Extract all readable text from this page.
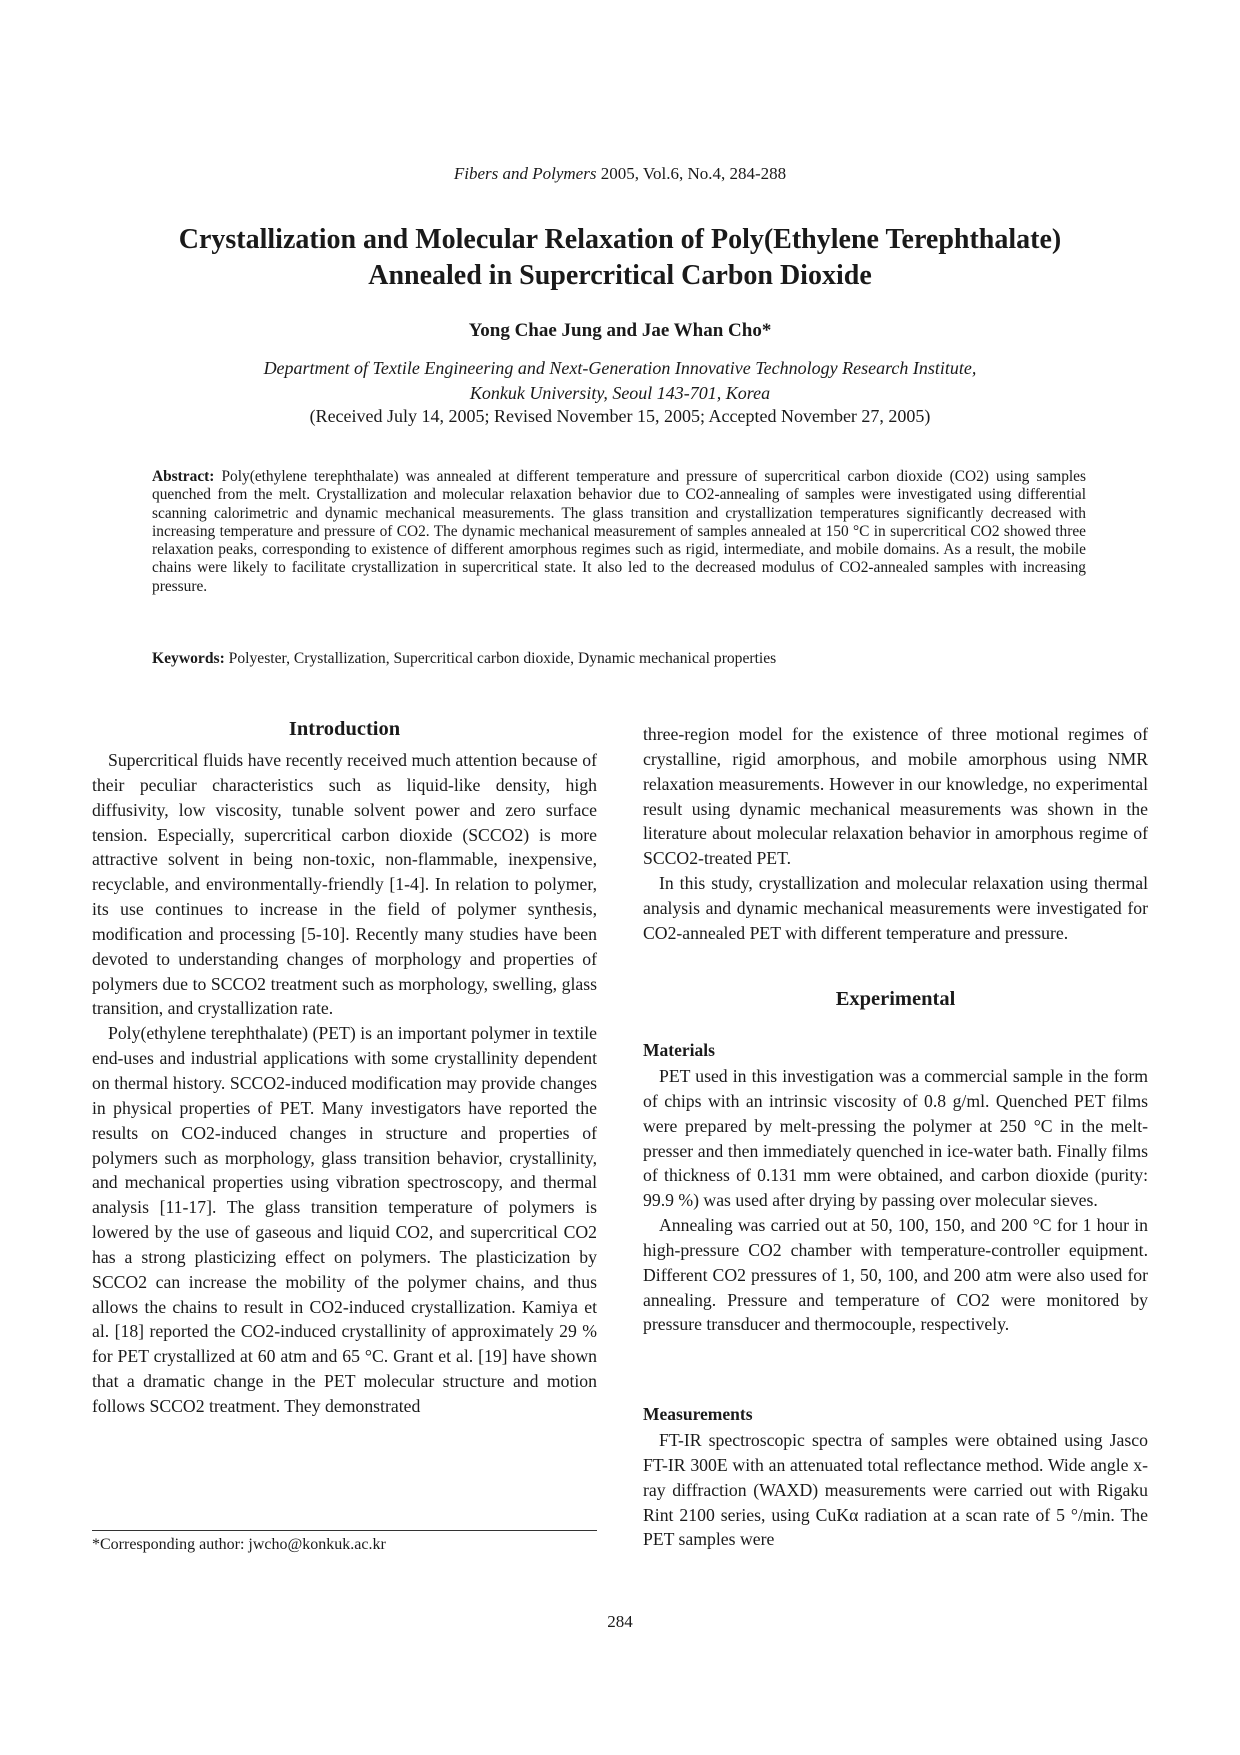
Fibers and Polymers 2005, Vol.6, No.4, 284-288
Crystallization and Molecular Relaxation of Poly(Ethylene Terephthalate)
Annealed in Supercritical Carbon Dioxide
Yong Chae Jung and Jae Whan Cho*
Department of Textile Engineering and Next-Generation Innovative Technology Research Institute,
Konkuk University, Seoul 143-701, Korea
(Received July 14, 2005; Revised November 15, 2005; Accepted November 27, 2005)
Abstract: Poly(ethylene terephthalate) was annealed at different temperature and pressure of supercritical carbon dioxide (CO2) using samples quenched from the melt. Crystallization and molecular relaxation behavior due to CO2-annealing of samples were investigated using differential scanning calorimetric and dynamic mechanical measurements. The glass transition and crystallization temperatures significantly decreased with increasing temperature and pressure of CO2. The dynamic mechanical measurement of samples annealed at 150 °C in supercritical CO2 showed three relaxation peaks, corresponding to existence of different amorphous regimes such as rigid, intermediate, and mobile domains. As a result, the mobile chains were likely to facilitate crystallization in supercritical state. It also led to the decreased modulus of CO2-annealed samples with increasing pressure.
Keywords: Polyester, Crystallization, Supercritical carbon dioxide, Dynamic mechanical properties
Introduction

Supercritical fluids have recently received much attention because of their peculiar characteristics such as liquid-like density, high diffusivity, low viscosity, tunable solvent power and zero surface tension. Especially, supercritical carbon dioxide (SCCO2) is more attractive solvent in being non-toxic, non-flammable, inexpensive, recyclable, and environmentally-friendly [1-4]. In relation to polymer, its use continues to increase in the field of polymer synthesis, modification and processing [5-10]. Recently many studies have been devoted to understanding changes of morphology and properties of polymers due to SCCO2 treatment such as morphology, swelling, glass transition, and crystallization rate.

Poly(ethylene terephthalate) (PET) is an important polymer in textile end-uses and industrial applications with some crystallinity dependent on thermal history. SCCO2-induced modification may provide changes in physical properties of PET. Many investigators have reported the results on CO2-induced changes in structure and properties of polymers such as morphology, glass transition behavior, crystallinity, and mechanical properties using vibration spectroscopy, and thermal analysis [11-17]. The glass transition temperature of polymers is lowered by the use of gaseous and liquid CO2, and supercritical CO2 has a strong plasticizing effect on polymers. The plasticization by SCCO2 can increase the mobility of the polymer chains, and thus allows the chains to result in CO2-induced crystallization. Kamiya et al. [18] reported the CO2-induced crystallinity of approximately 29 % for PET crystallized at 60 atm and 65 °C. Grant et al. [19] have shown that a dramatic change in the PET molecular structure and motion follows SCCO2 treatment. They demonstrated

three-region model for the existence of three motional regimes of crystalline, rigid amorphous, and mobile amorphous using NMR relaxation measurements. However in our knowledge, no experimental result using dynamic mechanical measurements was shown in the literature about molecular relaxation behavior in amorphous regime of SCCO2-treated PET.

In this study, crystallization and molecular relaxation using thermal analysis and dynamic mechanical measurements were investigated for CO2-annealed PET with different temperature and pressure.

Experimental
Materials

PET used in this investigation was a commercial sample in the form of chips with an intrinsic viscosity of 0.8 g/ml. Quenched PET films were prepared by melt-pressing the polymer at 250 °C in the melt-presser and then immediately quenched in ice-water bath. Finally films of thickness of 0.131 mm were obtained, and carbon dioxide (purity: 99.9 %) was used after drying by passing over molecular sieves.

Annealing was carried out at 50, 100, 150, and 200 °C for 1 hour in high-pressure CO2 chamber with temperature-controller equipment. Different CO2 pressures of 1, 50, 100, and 200 atm were also used for annealing. Pressure and temperature of CO2 were monitored by pressure transducer and thermocouple, respectively.

Measurements

FT-IR spectroscopic spectra of samples were obtained using Jasco FT-IR 300E with an attenuated total reflectance method. Wide angle x-ray diffraction (WAXD) measurements were carried out with Rigaku Rint 2100 series, using CuKα radiation at a scan rate of 5 °/min. The PET samples were

*Corresponding author: jwcho@konkuk.ac.kr
284
